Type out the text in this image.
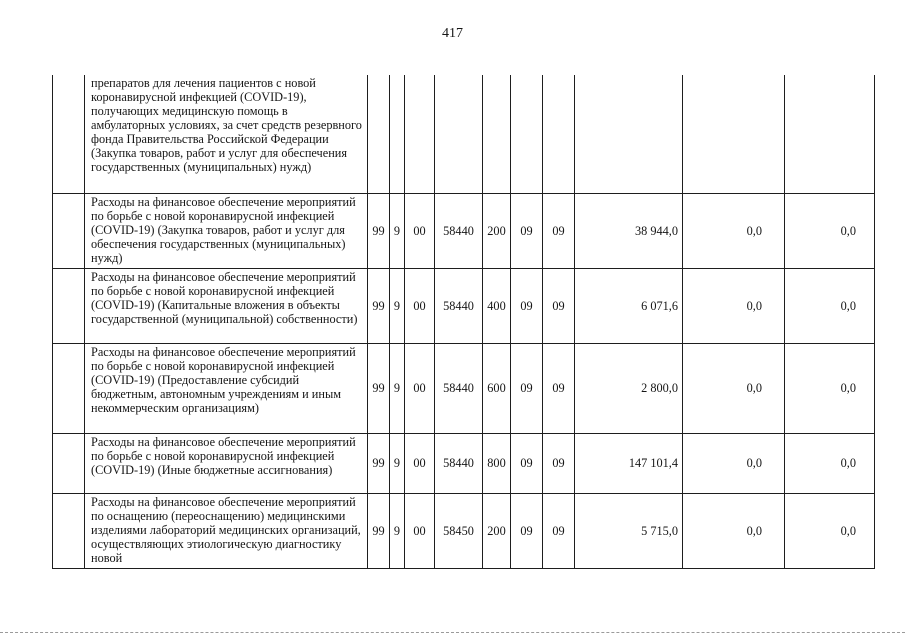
417
	препаратов для лечения пациентов с новой коронавирусной инфекцией (COVID-19), получающих медицинскую помощь в амбулаторных условиях, за счет средств резервного фонда Правительства Российской Федерации (Закупка товаров, работ и услуг для обеспечения государственных (муниципальных) нужд)										
	Расходы на финансовое обеспечение мероприятий по борьбе с новой коронавирусной инфекцией (COVID-19) (Закупка товаров, работ и услуг для обеспечения государственных (муниципальных) нужд)	99	9	00	58440	200	09	09	38 944,0	0,0	0,0
	Расходы на финансовое обеспечение мероприятий по борьбе с новой коронавирусной инфекцией (COVID-19) (Капитальные вложения в объекты государственной (муниципальной) собственности)	99	9	00	58440	400	09	09	6 071,6	0,0	0,0
	Расходы на финансовое обеспечение мероприятий по борьбе с новой коронавирусной инфекцией (COVID-19) (Предоставление субсидий бюджетным, автономным учреждениям и иным некоммерческим организациям)	99	9	00	58440	600	09	09	2 800,0	0,0	0,0
	Расходы на финансовое обеспечение мероприятий по борьбе с новой коронавирусной инфекцией (COVID-19) (Иные бюджетные ассигнования)	99	9	00	58440	800	09	09	147 101,4	0,0	0,0
	Расходы на финансовое обеспечение мероприятий по оснащению (переоснащению) медицинскими изделиями лабораторий медицинских организаций, осуществляющих этиологическую диагностику новой	99	9	00	58450	200	09	09	5 715,0	0,0	0,0
